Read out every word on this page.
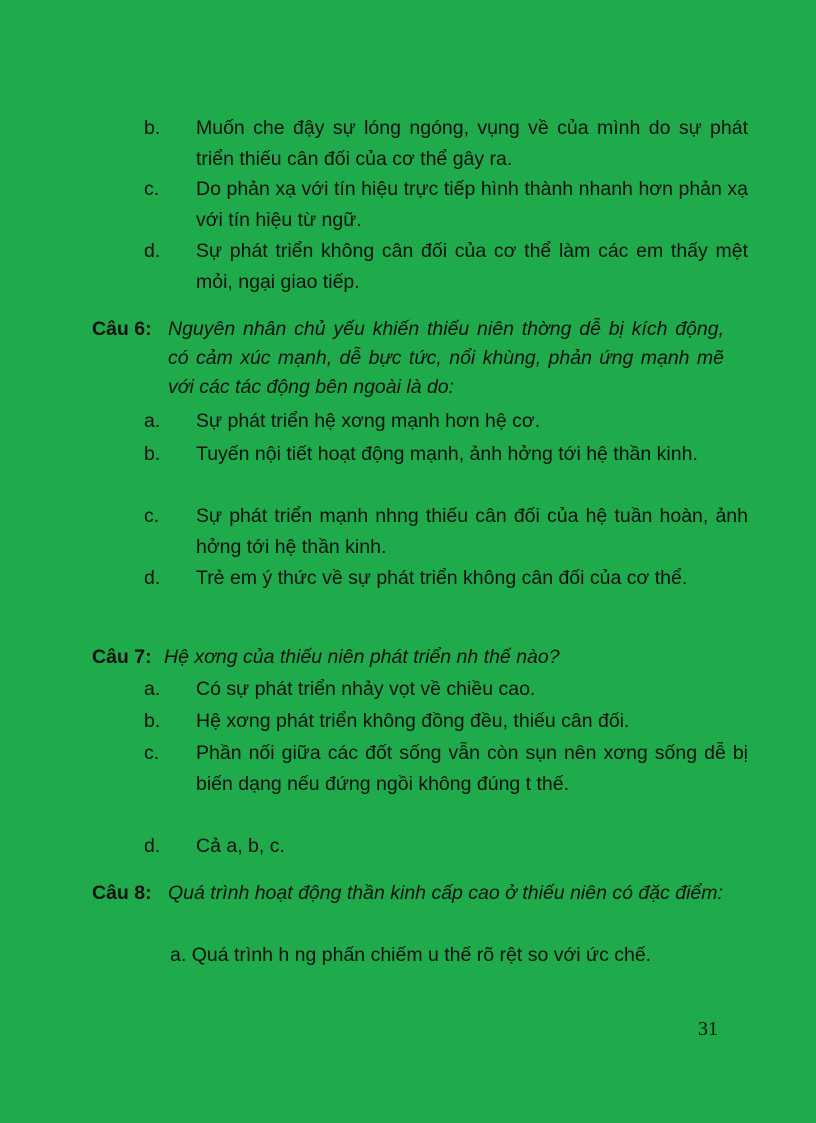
b. Muốn che đậy sự lóng ngóng, vụng về của mình do sự phát triển thiếu cân đối của cơ thể gây ra.
c. Do phản xạ với tín hiệu trực tiếp hình thành nhanh hơn phản xạ với tín hiệu từ ngữ.
d. Sự phát triển không cân đối của cơ thể làm các em thấy mệt mỏi, ngại giao tiếp.
Câu 6: Nguyên nhân chủ yếu khiến thiếu niên thờng dễ bị kích động, có cảm xúc mạnh, dễ bực tức, nổi khùng, phản ứng mạnh mẽ với các tác động bên ngoài là do:
a. Sự phát triển hệ xơng mạnh hơn hệ cơ.
b. Tuyến nội tiết hoạt động mạnh, ảnh hởng tới hệ thần kinh.
c. Sự phát triển mạnh nhng thiếu cân đối của hệ tuần hoàn, ảnh hởng tới hệ thần kinh.
d. Trẻ em ý thức về sự phát triển không cân đối của cơ thể.
Câu 7: Hệ xơng của thiếu niên phát triển nh thế nào?
a. Có sự phát triển nhảy vọt về chiều cao.
b. Hệ xơng phát triển không đồng đều, thiếu cân đối.
c. Phần nối giữa các đốt sống vẫn còn sụn nên xơng sống dễ bị biến dạng nếu đứng ngồi không đúng t thế.
d. Cả a, b, c.
Câu 8: Quá trình hoạt động thần kinh cấp cao ở thiếu niên có đặc điểm:
a. Quá trình h ng phấn chiếm u thế rõ rệt so với ức chế.
31
